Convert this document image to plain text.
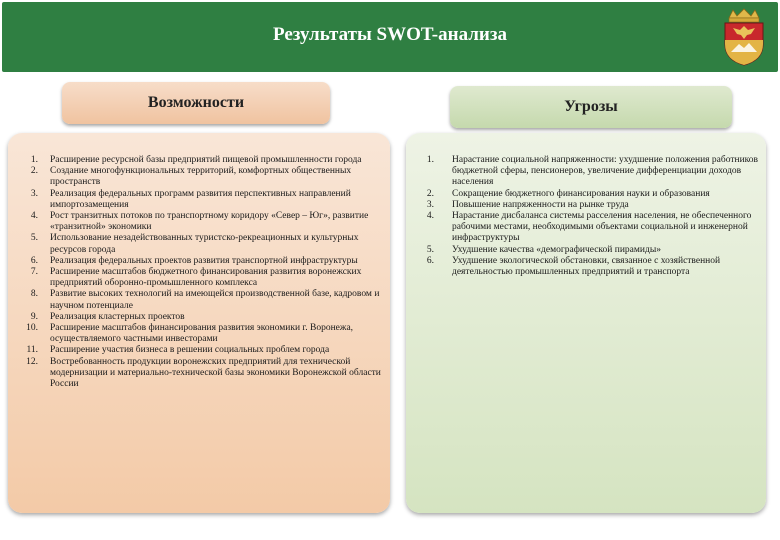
Результаты SWOT-анализа
Возможности	Угрозы
1. Расширение ресурсной базы предприятий пищевой промышленности города
2. Создание многофункциональных территорий, комфортных общественных пространств
3. Реализация федеральных программ развития перспективных направлений импортозамещения
4. Рост транзитных потоков по транспортному коридору «Север – Юг», развитие «транзитной» экономики
5. Использование незадействованных туристско-рекреационных и культурных ресурсов города
6. Реализация федеральных проектов развития транспортной инфраструктуры
7. Расширение масштабов бюджетного финансирования развития воронежских предприятий оборонно-промышленного комплекса
8. Развитие высоких технологий на имеющейся производственной базе, кадровом и научном потенциале
9. Реализация кластерных проектов
10. Расширение масштабов финансирования развития экономики г. Воронежа, осуществляемого частными инвесторами
11. Расширение участия бизнеса в решении социальных проблем города
12. Востребованность продукции воронежских предприятий для технической модернизации и материально-технической базы экономики Воронежской области России
1. Нарастание социальной напряженности: ухудшение положения работников бюджетной сферы, пенсионеров, увеличение дифференциации доходов населения
2. Сокращение бюджетного финансирования науки и образования
3. Повышение напряженности на рынке труда
4. Нарастание дисбаланса системы расселения населения, не обеспеченного рабочими местами, необходимыми объектами социальной и инженерной инфраструктуры
5. Ухудшение качества «демографической пирамиды»
6. Ухудшение экологической обстановки, связанное с хозяйственной деятельностью промышленных предприятий и транспорта
